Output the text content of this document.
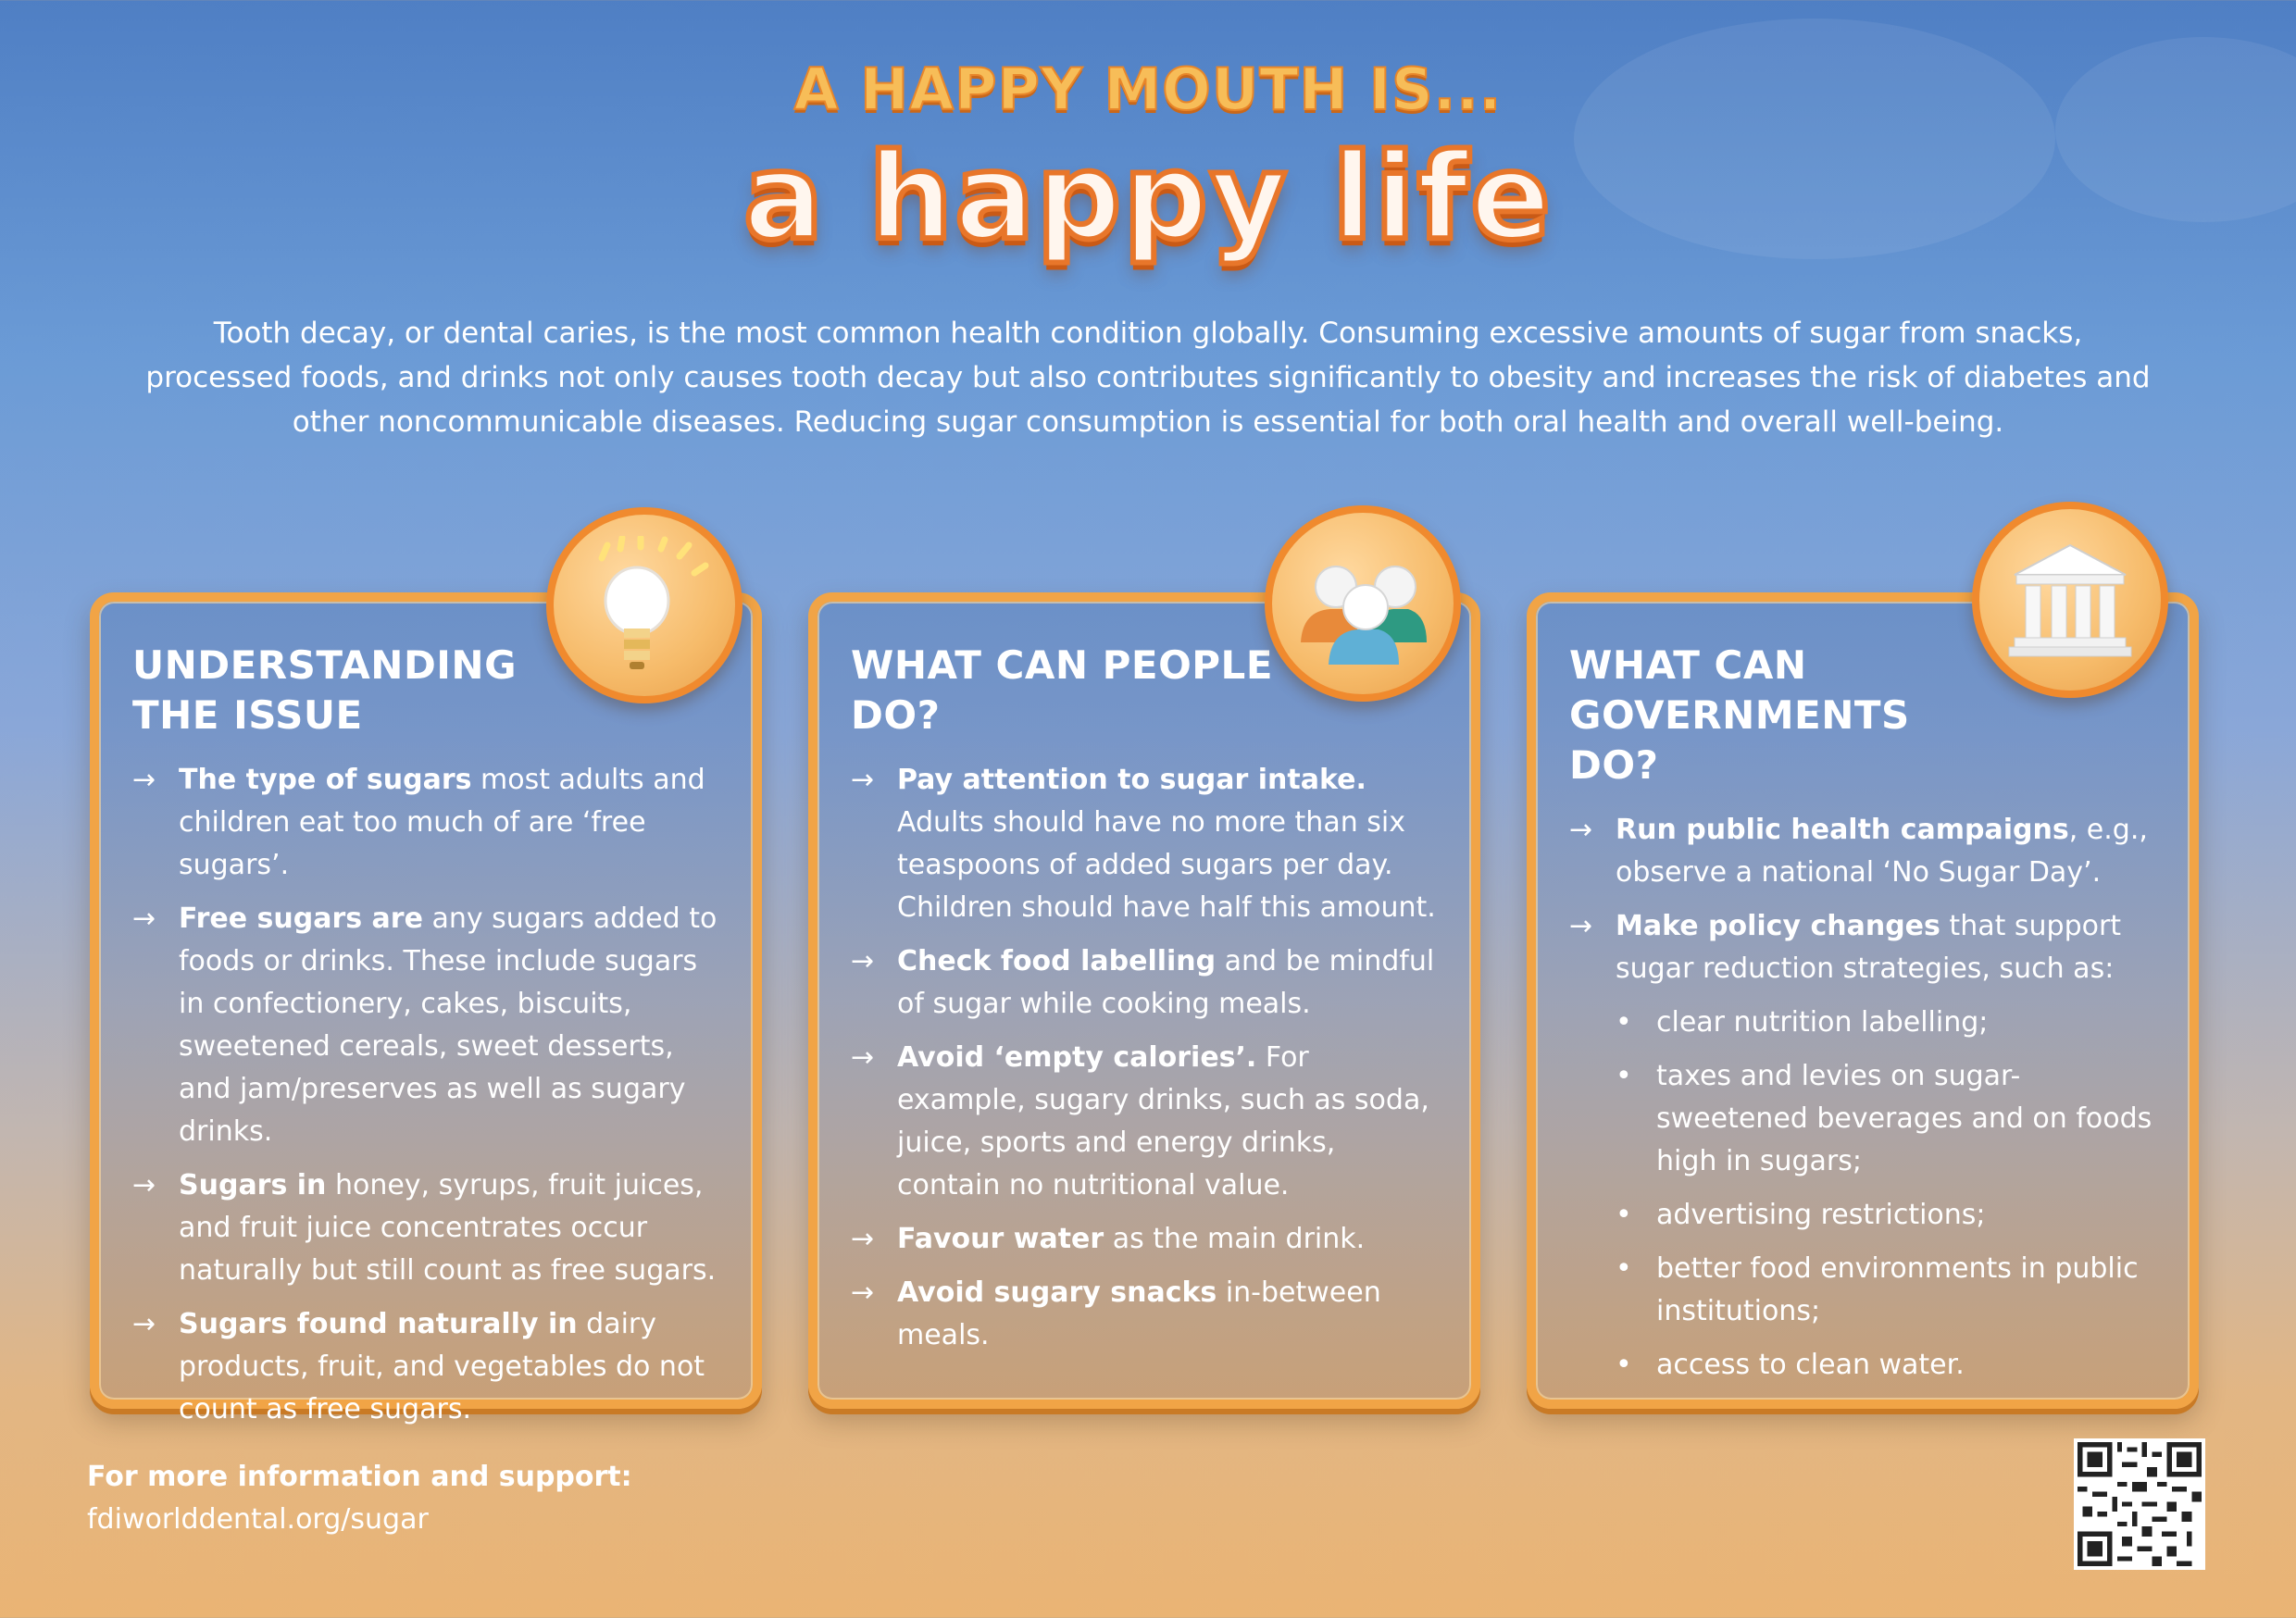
A HAPPY MOUTH IS...
a happy life
Tooth decay, or dental caries, is the most common health condition globally. Consuming excessive amounts of sugar from snacks, processed foods, and drinks not only causes tooth decay but also contributes significantly to obesity and increases the risk of diabetes and other noncommunicable diseases. Reducing sugar consumption is essential for both oral health and overall well-being.
UNDERSTANDING THE ISSUE
→ The type of sugars most adults and children eat too much of are ‘free sugars’.
→ Free sugars are any sugars added to foods or drinks. These include sugars in confectionery, cakes, biscuits, sweetened cereals, sweet desserts, and jam/preserves as well as sugary drinks.
→ Sugars in honey, syrups, fruit juices, and fruit juice concentrates occur naturally but still count as free sugars.
→ Sugars found naturally in dairy products, fruit, and vegetables do not count as free sugars.
WHAT CAN PEOPLE DO?
→ Pay attention to sugar intake. Adults should have no more than six teaspoons of added sugars per day. Children should have half this amount.
→ Check food labelling and be mindful of sugar while cooking meals.
→ Avoid ‘empty calories’. For example, sugary drinks, such as soda, juice, sports and energy drinks, contain no nutritional value.
→ Favour water as the main drink.
→ Avoid sugary snacks in-between meals.
WHAT CAN GOVERNMENTS DO?
→ Run public health campaigns, e.g., observe a national ‘No Sugar Day’.
→ Make policy changes that support sugar reduction strategies, such as:
• clear nutrition labelling;
• taxes and levies on sugar-sweetened beverages and on foods high in sugars;
• advertising restrictions;
• better food environments in public institutions;
• access to clean water.
For more information and support:
fdiworlddental.org/sugar
